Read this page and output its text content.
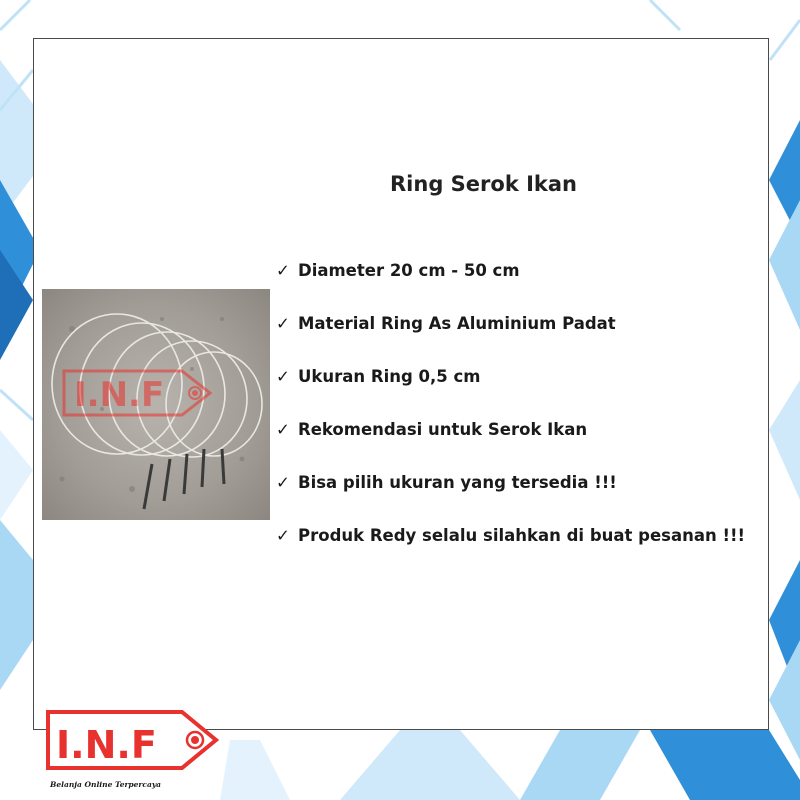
I.N.F
Ring Serok Ikan
✓ Diameter 20 cm - 50 cm
✓ Material Ring As Aluminium Padat
✓ Ukuran Ring 0,5 cm
✓ Rekomendasi untuk Serok Ikan
✓ Bisa pilih ukuran yang tersedia !!!
✓ Produk Redy selalu silahkan di buat pesanan !!!
I.N.F
Belanja Online Terpercaya
